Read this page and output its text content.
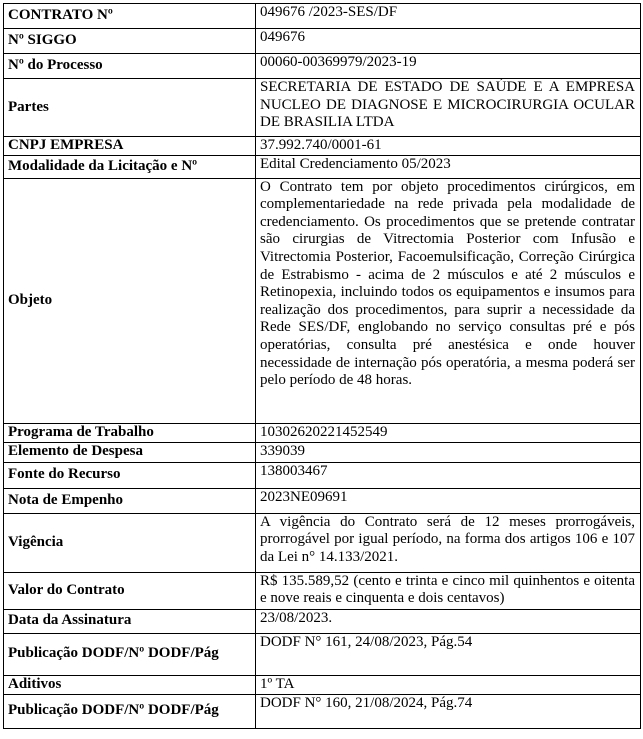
CONTRATO Nº	049676 /2023-SES/DF
Nº SIGGO	049676
Nº do Processo	00060-00369979/2023-19
Partes	SECRETARIA DE ESTADO DE SAÚDE E A EMPRESA NUCLEO DE DIAGNOSE E MICROCIRURGIA OCULAR DE BRASILIA LTDA
CNPJ EMPRESA	37.992.740/0001-61
Modalidade da Licitação e Nº	Edital Credenciamento 05/2023
Objeto	O Contrato tem por objeto procedimentos cirúrgicos, em complementariedade na rede privada pela modalidade de credenciamento. Os procedimentos que se pretende contratar são cirurgias de Vitrectomia Posterior com Infusão e Vitrectomia Posterior, Facoemulsificação, Correção Cirúrgica de Estrabismo - acima de 2 músculos e até 2 músculos e Retinopexia, incluindo todos os equipamentos e insumos para realização dos procedimentos, para suprir a necessidade da Rede SES/DF, englobando no serviço consultas pré e pós operatórias, consulta pré anestésica e onde houver necessidade de internação pós operatória, a mesma poderá ser pelo período de 48 horas.
Programa de Trabalho	10302620221452549
Elemento de Despesa	339039
Fonte do Recurso	138003467
Nota de Empenho	2023NE09691
Vigência	A vigência do Contrato será de 12 meses prorrogáveis, prorrogável por igual período, na forma dos artigos 106 e 107 da Lei n° 14.133/2021.
Valor do Contrato	R$ 135.589,52 (cento e trinta e cinco mil quinhentos e oitenta e nove reais e cinquenta e dois centavos)
Data da Assinatura	23/08/2023.
Publicação DODF/Nº DODF/Pág	DODF N° 161, 24/08/2023, Pág.54
Aditivos	1º TA
Publicação DODF/Nº DODF/Pág	DODF N° 160, 21/08/2024, Pág.74
